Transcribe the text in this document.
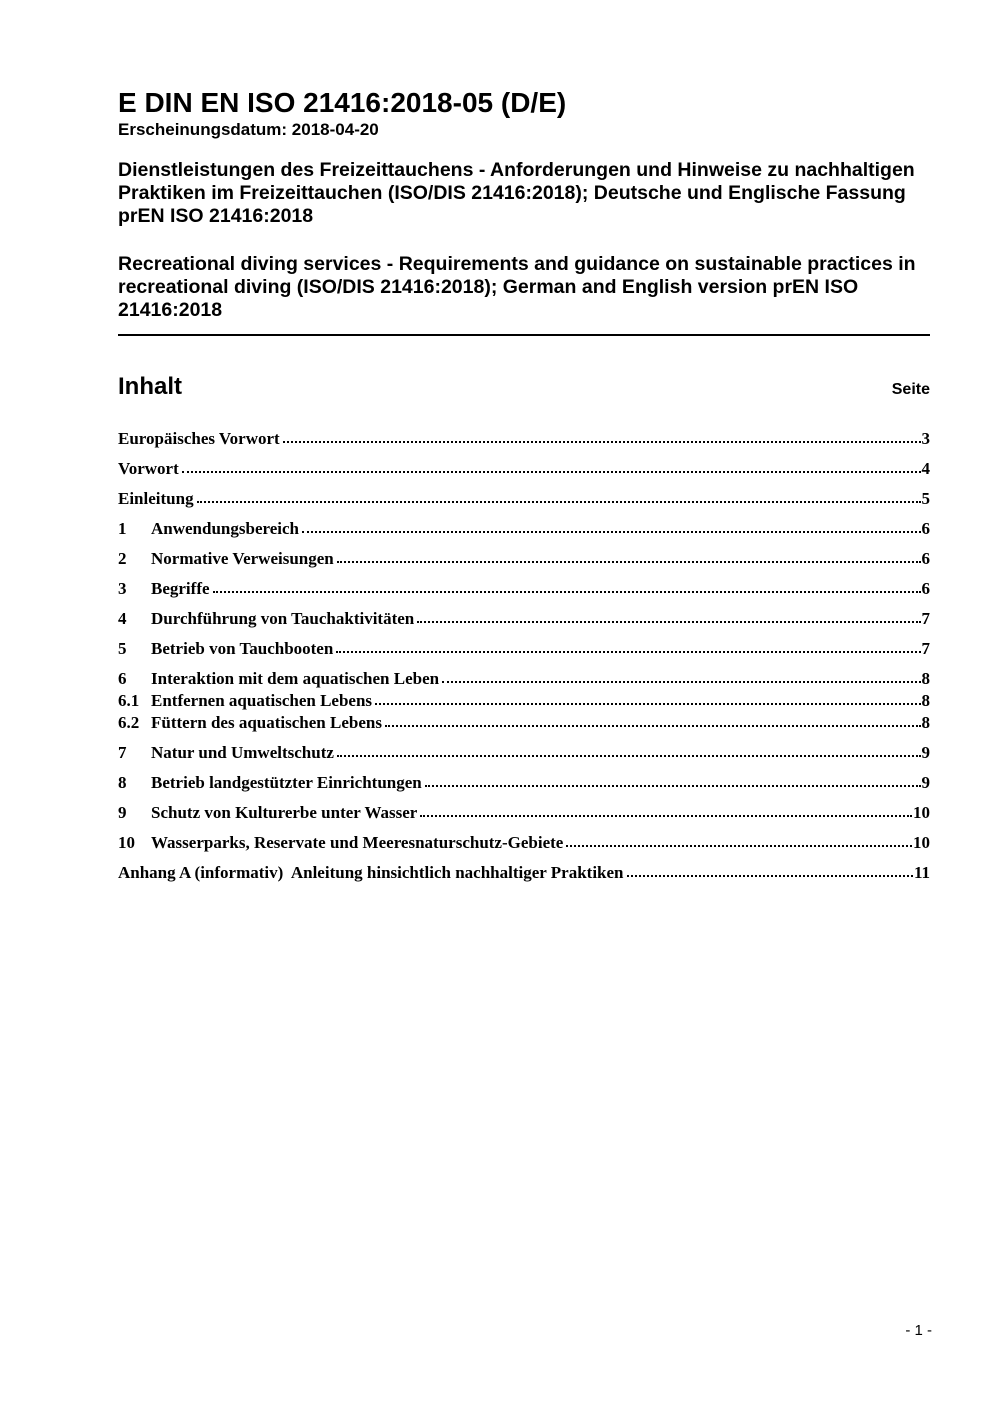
E DIN EN ISO 21416:2018-05 (D/E)
Erscheinungsdatum: 2018-04-20

Dienstleistungen des Freizeittauchens - Anforderungen und Hinweise zu nachhaltigen Praktiken im Freizeittauchen (ISO/DIS 21416:2018); Deutsche und Englische Fassung prEN ISO 21416:2018

Recreational diving services - Requirements and guidance on sustainable practices in recreational diving (ISO/DIS 21416:2018); German and English version prEN ISO 21416:2018

Inhalt	Seite
Europäisches Vorwort	3
Vorwort	4
Einleitung	5
1	Anwendungsbereich	6
2	Normative Verweisungen	6
3	Begriffe	6
4	Durchführung von Tauchaktivitäten	7
5	Betrieb von Tauchbooten	7
6	Interaktion mit dem aquatischen Leben	8
6.1 Entfernen aquatischen Lebens	8
6.2 Füttern des aquatischen Lebens	8
7	Natur und Umweltschutz	9
8	Betrieb landgestützter Einrichtungen	9
9	Schutz von Kulturerbe unter Wasser	10
10 Wasserparks, Reservate und Meeresnaturschutz-Gebiete	10
Anhang A (informativ)  Anleitung hinsichtlich nachhaltiger Praktiken	11
- 1 -
